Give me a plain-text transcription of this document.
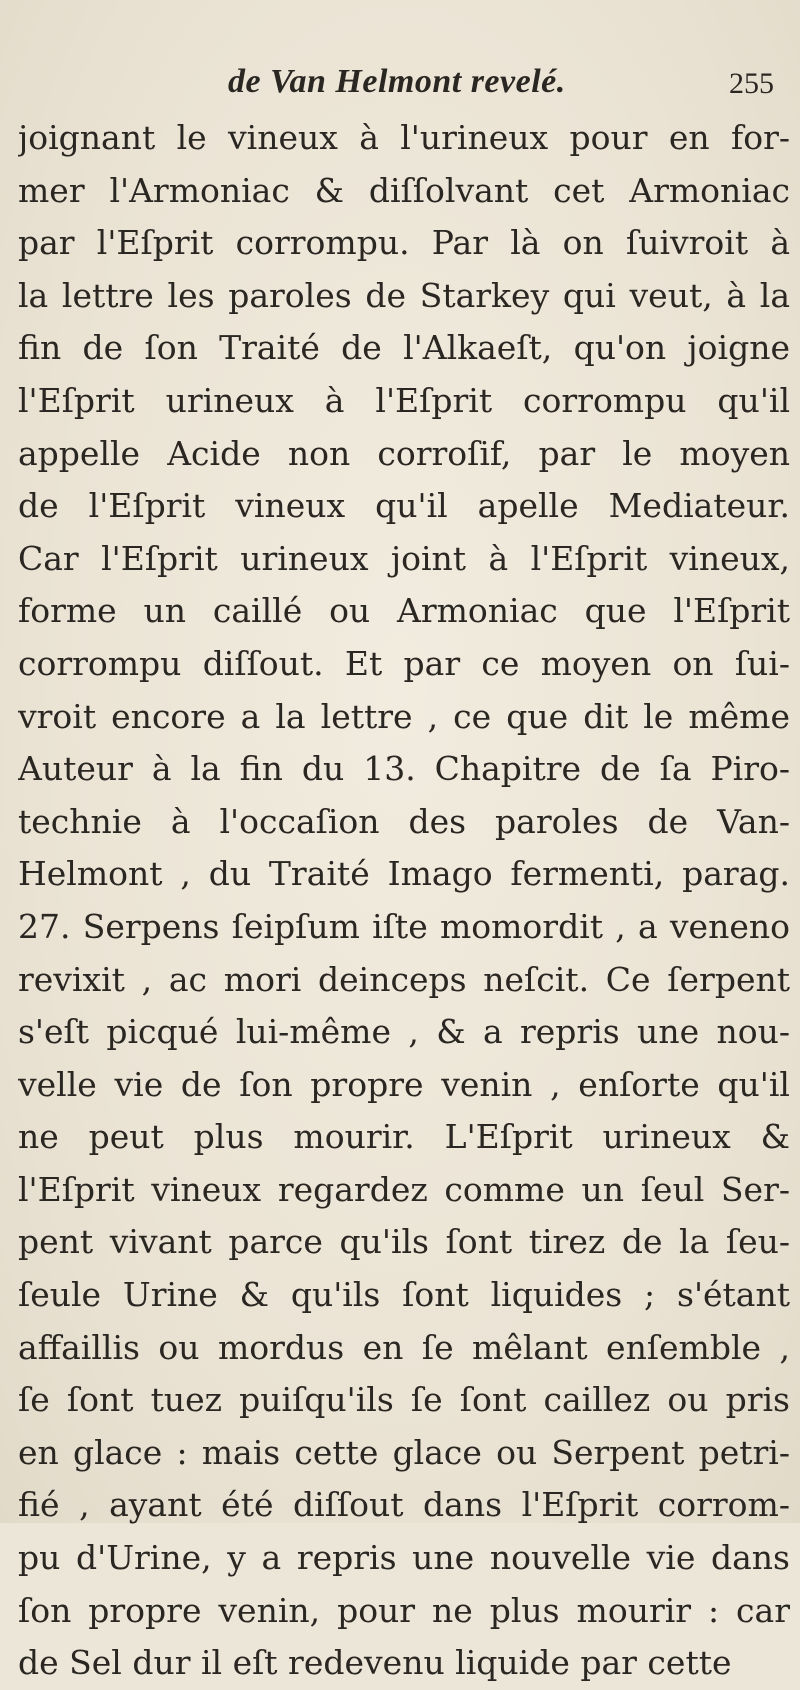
de Van Helmont revelé.	255
joignant le vineux à l'urineux pour en for-
mer l'Armoniac & diſſolvant cet Armoniac
par l'Eſprit corrompu. Par là on ſuivroit à
la lettre les paroles de Starkey qui veut, à la
fin de ſon Traité de l'Alkaeſt, qu'on joigne
l'Eſprit urineux à l'Eſprit corrompu qu'il
appelle Acide non corroſif, par le moyen
de l'Eſprit vineux qu'il apelle Mediateur.
Car l'Eſprit urineux joint à l'Eſprit vineux,
forme un caillé ou Armoniac que l'Eſprit
corrompu diſſout. Et par ce moyen on ſui-
vroit encore a la lettre , ce que dit le même
Auteur à la fin du 13. Chapitre de ſa Piro-
technie à l'occaſion des paroles de Van-
Helmont , du Traité Imago fermenti, parag.
27. Serpens ſeipſum iſte momordit , a veneno
revixit , ac mori deinceps neſcit. Ce ſerpent
s'eſt picqué lui-même , & a repris une nou-
velle vie de ſon propre venin , enſorte qu'il
ne peut plus mourir. L'Eſprit urineux &
l'Eſprit vineux regardez comme un ſeul Ser-
pent vivant parce qu'ils ſont tirez de la ſeu-
ſeule Urine & qu'ils ſont liquides ; s'étant
affaillis ou mordus en ſe mêlant enſemble ,
ſe ſont tuez puiſqu'ils ſe ſont caillez ou pris
en glace : mais cette glace ou Serpent petri-
fié , ayant été diſſout dans l'Eſprit corrom-
pu d'Urine, y a repris une nouvelle vie dans
ſon propre venin, pour ne plus mourir : car
de Sel dur il eſt redevenu liquide par cette
